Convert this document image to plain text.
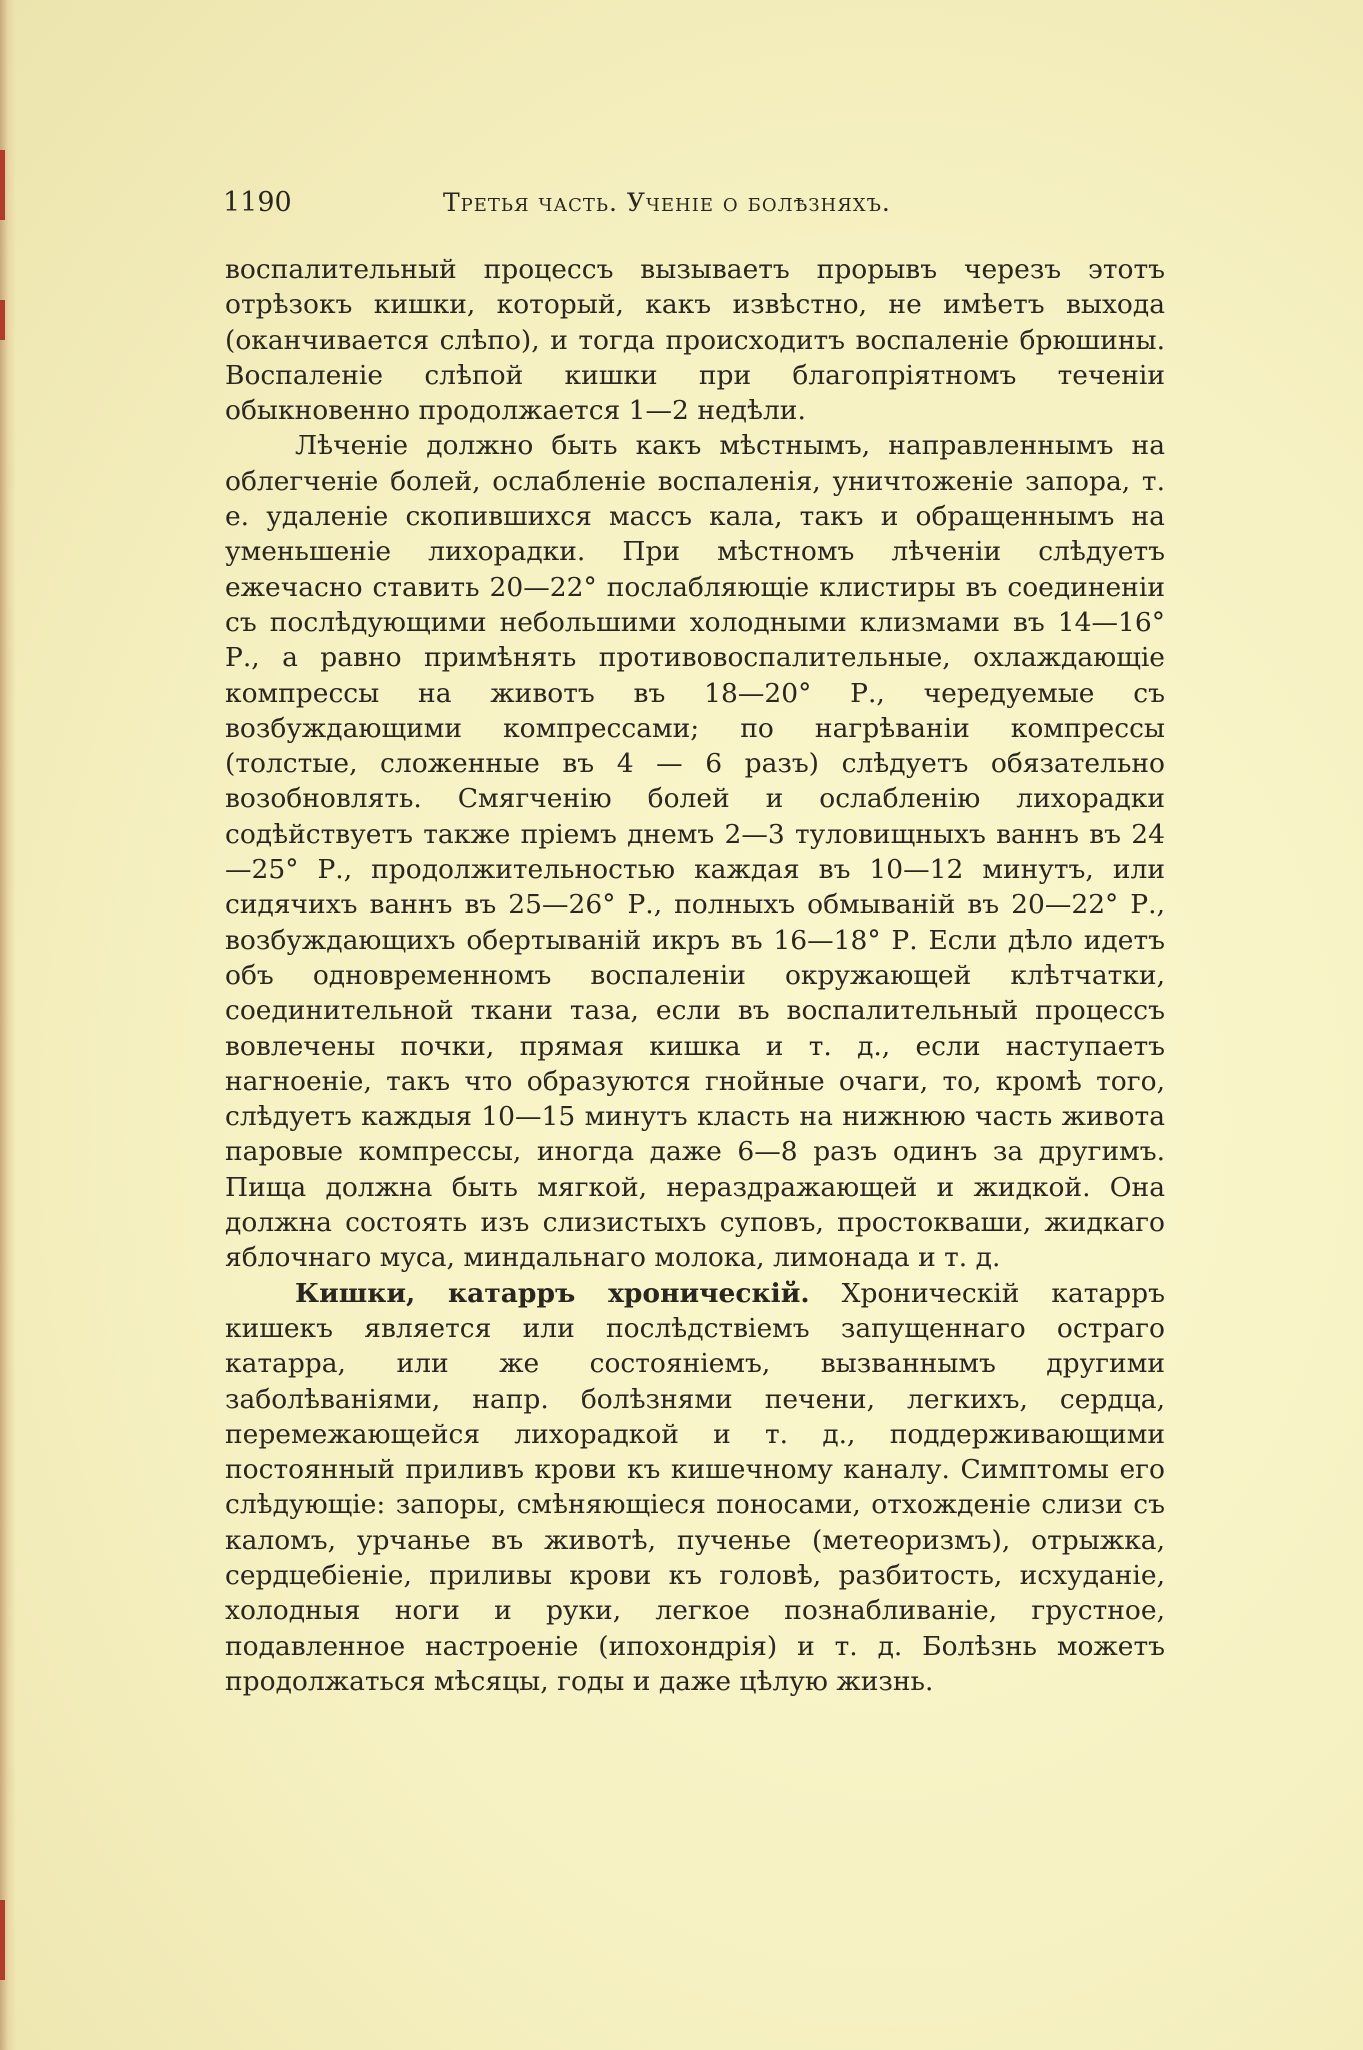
1190	Третья часть. Ученіе о болѣзняхъ.

воспалительный процессъ вызываетъ прорывъ черезъ этотъ отрѣзокъ кишки, который, какъ извѣстно, не имѣетъ выхода (оканчивается слѣпо), и тогда происходитъ воспаленіе брюшины. Воспаленіе слѣпой кишки при благопріятномъ теченіи обыкновенно продолжается 1—2 недѣли.

Лѣченіе должно быть какъ мѣстнымъ, направленнымъ на облегченіе болей, ослабленіе воспаленія, уничтоженіе запора, т. е. удаленіе скопившихся массъ кала, такъ и обращеннымъ на уменьшеніе лихорадки. При мѣстномъ лѣченіи слѣдуетъ ежечасно ставить 20—22° послабляющіе клистиры въ соединеніи съ послѣдующими небольшими холодными клизмами въ 14—16° Р., а равно примѣнять противовоспалительные, охлаждающіе компрессы на животъ въ 18—20° Р., чередуемые съ возбуждающими компрессами; по нагрѣваніи компрессы (толстые, сложенные въ 4 — 6 разъ) слѣдуетъ обязательно возобновлять. Смягченію болей и ослабленію лихорадки содѣйствуетъ также пріемъ днемъ 2—3 туловищныхъ ваннъ въ 24—25° Р., продолжительностью каждая въ 10—12 минутъ, или сидячихъ ваннъ въ 25—26° Р., полныхъ обмываній въ 20—22° Р., возбуждающихъ обертываній икръ въ 16—18° Р. Если дѣло идетъ объ одновременномъ воспаленіи окружающей клѣтчатки, соединительной ткани таза, если въ воспалительный процессъ вовлечены почки, прямая кишка и т. д., если наступаетъ нагноеніе, такъ что образуются гнойные очаги, то, кромѣ того, слѣдуетъ каждыя 10—15 минутъ класть на нижнюю часть живота паровые компрессы, иногда даже 6—8 разъ одинъ за другимъ. Пища должна быть мягкой, нераздражающей и жидкой. Она должна состоять изъ слизистыхъ суповъ, простокваши, жидкаго яблочнаго муса, миндальнаго молока, лимонада и т. д.

Кишки, катарръ хроническій. Хроническій катарръ кишекъ является или послѣдствіемъ запущеннаго остраго катарра, или же состояніемъ, вызваннымъ другими заболѣваніями, напр. болѣзнями печени, легкихъ, сердца, перемежающейся лихорадкой и т. д., поддерживающими постоянный приливъ крови къ кишечному каналу. Симптомы его слѣдующіе: запоры, смѣняющіеся поносами, отхожденіе слизи съ каломъ, урчанье въ животѣ, пученье (метеоризмъ), отрыжка, сердцебіеніе, приливы крови къ головѣ, разбитость, исхуданіе, холодныя ноги и руки, легкое познабливаніе, грустное, подавленное настроеніе (ипохондрія) и т. д. Болѣзнь можетъ продолжаться мѣсяцы, годы и даже цѣлую жизнь.
